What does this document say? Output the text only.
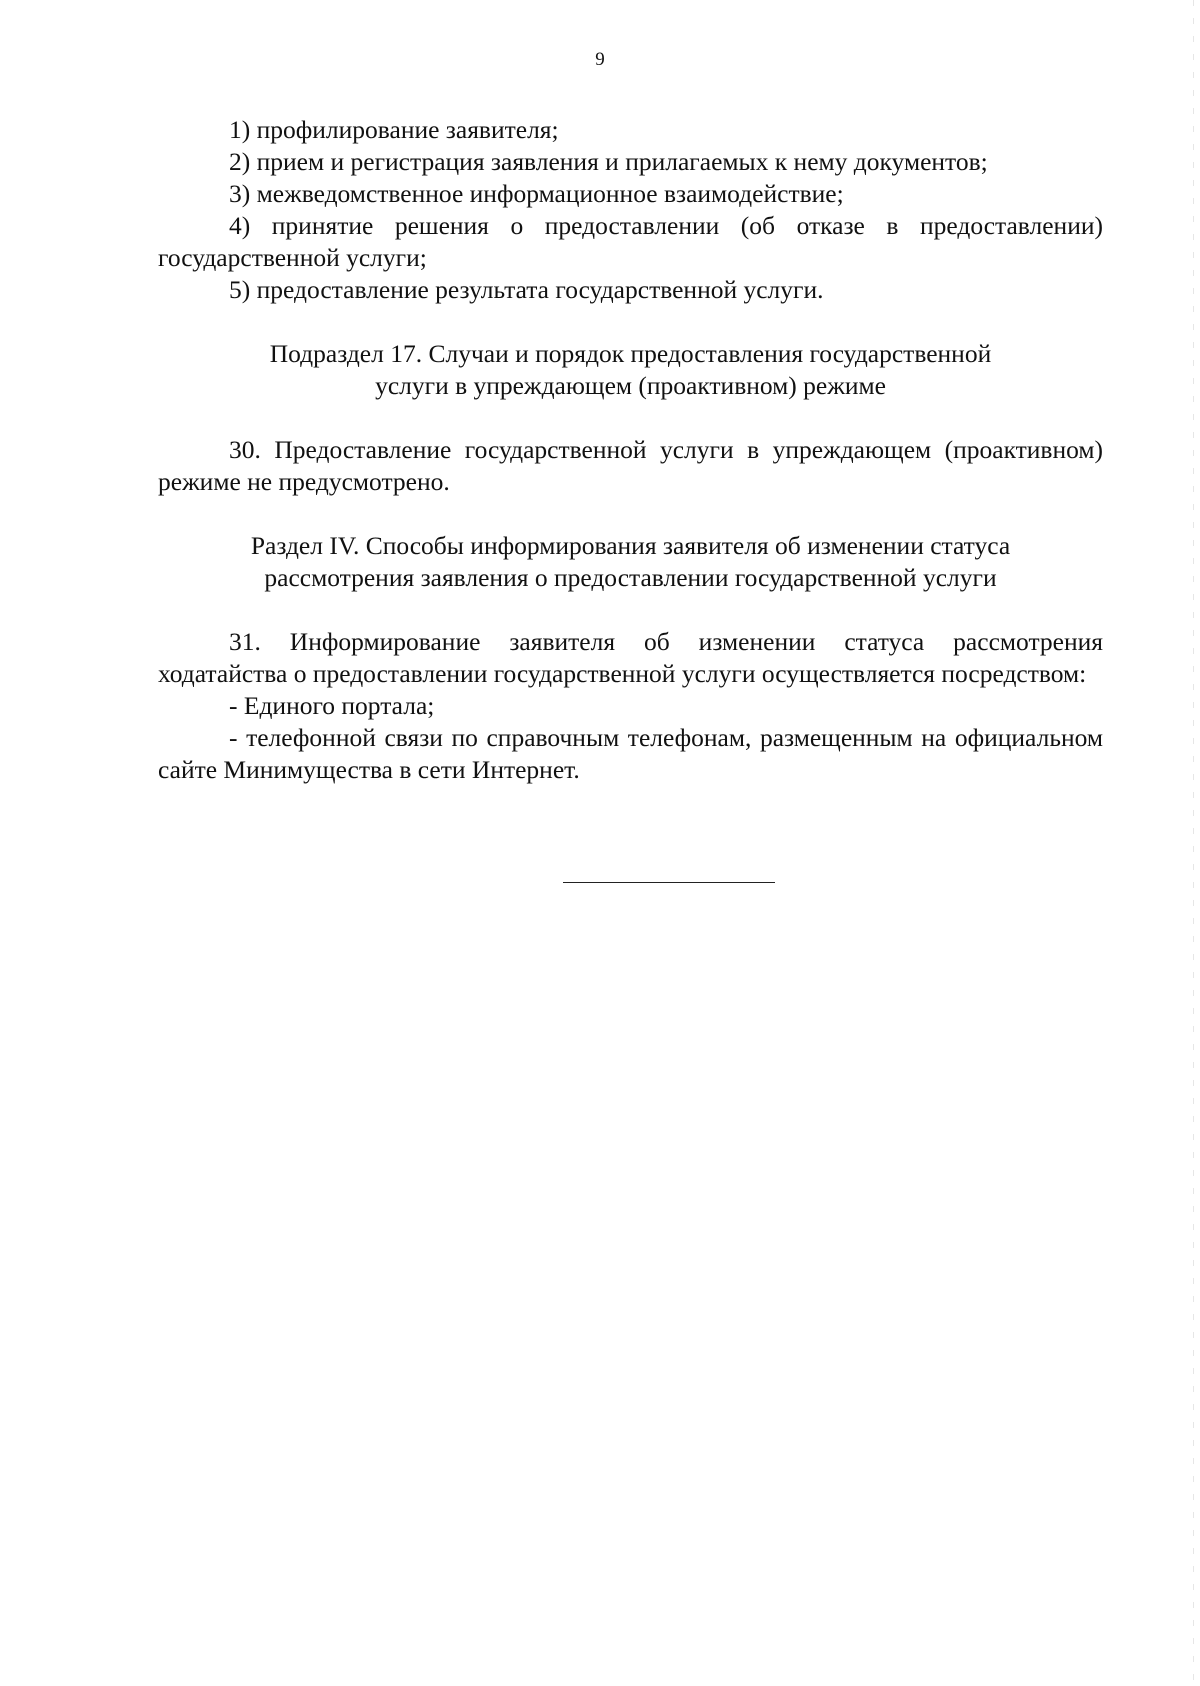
9

1) профилирование заявителя;

2) прием и регистрация заявления и прилагаемых к нему документов;

3) межведомственное информационное взаимодействие;

4) принятие решения о предоставлении (об отказе в предоставлении) государственной услуги;

5) предоставление результата государственной услуги.

Подраздел 17. Случаи и порядок предоставления государственной
услуги в упреждающем (проактивном) режиме

30. Предоставление государственной услуги в упреждающем (проактивном) режиме не предусмотрено.

Раздел IV. Способы информирования заявителя об изменении статуса
рассмотрения заявления о предоставлении государственной услуги

31. Информирование заявителя об изменении статуса рассмотрения ходатайства о предоставлении государственной услуги осуществляется посредством:

- Единого портала;

- телефонной связи по справочным телефонам, размещенным на официальном сайте Минимущества в сети Интернет.
